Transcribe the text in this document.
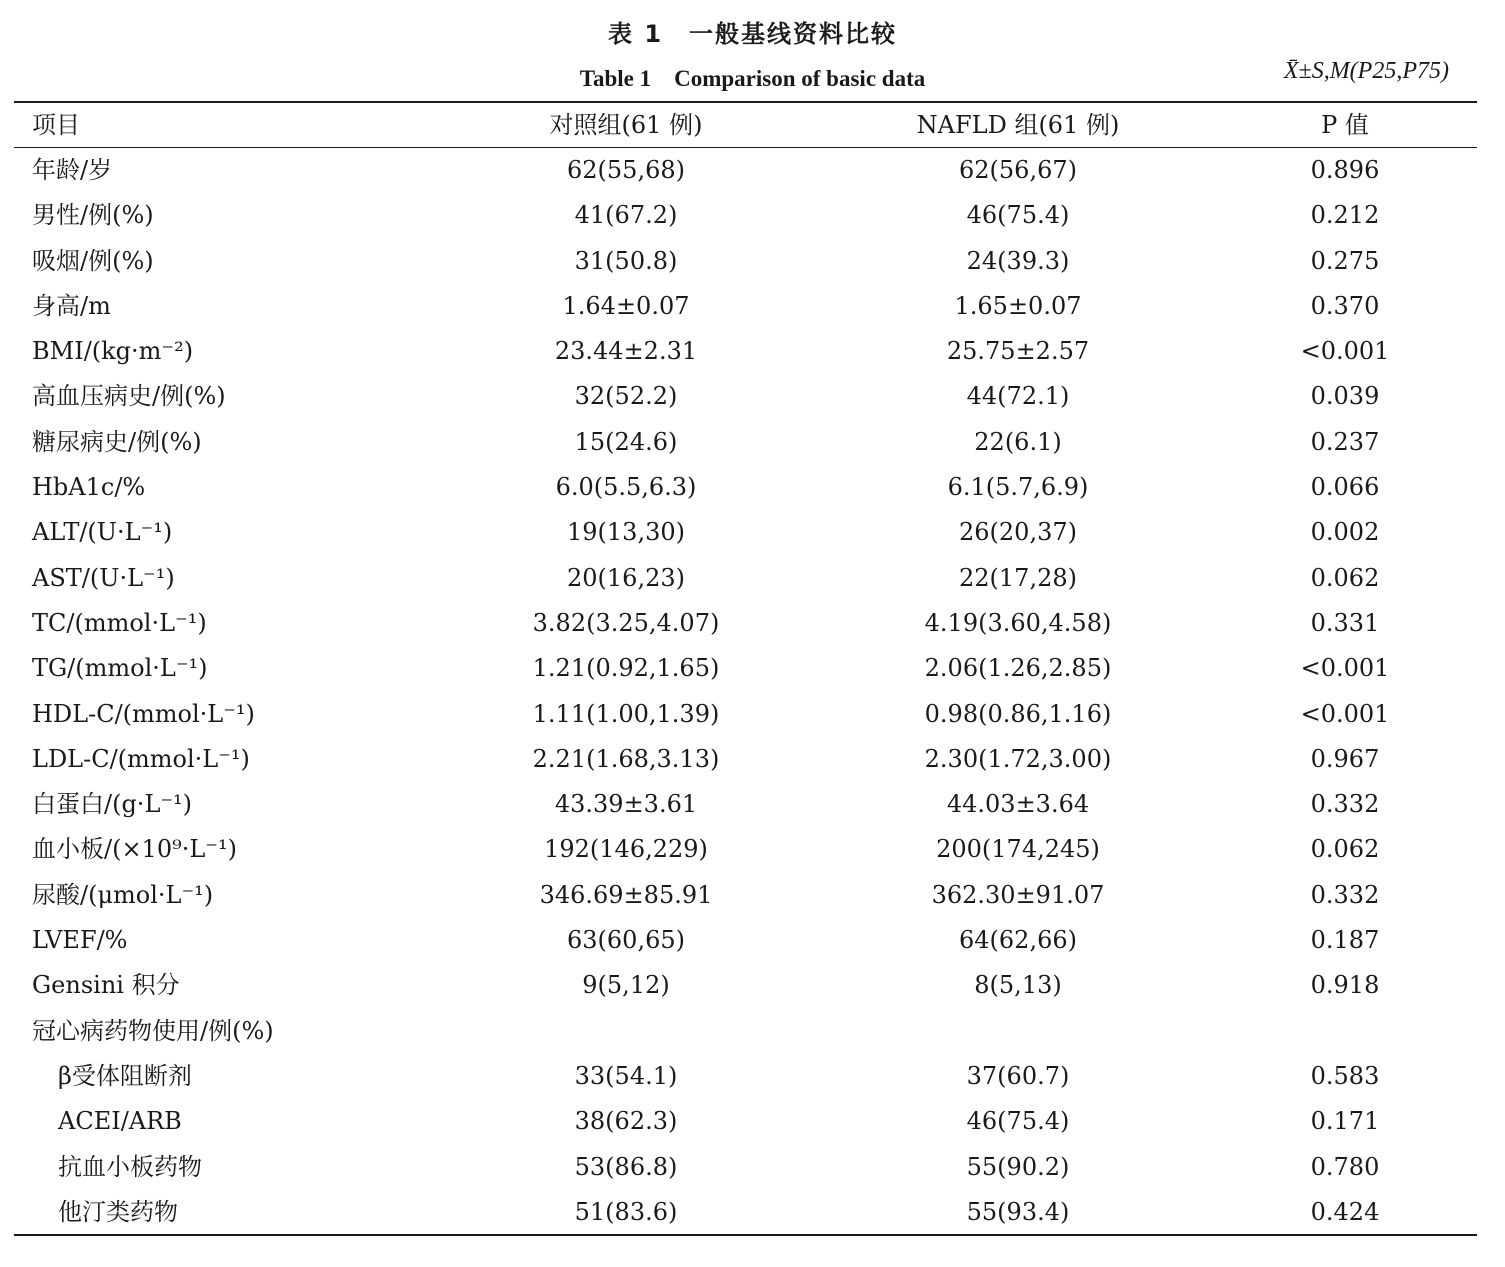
表 1　一般基线资料比较
Table 1　Comparison of basic data	X̄±S,M(P25,P75)
项目	对照组(61 例)	NAFLD 组(61 例)	P 值
年龄/岁	62(55,68)	62(56,67)	0.896
男性/例(%)	41(67.2)	46(75.4)	0.212
吸烟/例(%)	31(50.8)	24(39.3)	0.275
身高/m	1.64±0.07	1.65±0.07	0.370
BMI/(kg·m⁻²)	23.44±2.31	25.75±2.57	<0.001
高血压病史/例(%)	32(52.2)	44(72.1)	0.039
糖尿病史/例(%)	15(24.6)	22(6.1)	0.237
HbA1c/%	6.0(5.5,6.3)	6.1(5.7,6.9)	0.066
ALT/(U·L⁻¹)	19(13,30)	26(20,37)	0.002
AST/(U·L⁻¹)	20(16,23)	22(17,28)	0.062
TC/(mmol·L⁻¹)	3.82(3.25,4.07)	4.19(3.60,4.58)	0.331
TG/(mmol·L⁻¹)	1.21(0.92,1.65)	2.06(1.26,2.85)	<0.001
HDL-C/(mmol·L⁻¹)	1.11(1.00,1.39)	0.98(0.86,1.16)	<0.001
LDL-C/(mmol·L⁻¹)	2.21(1.68,3.13)	2.30(1.72,3.00)	0.967
白蛋白/(g·L⁻¹)	43.39±3.61	44.03±3.64	0.332
血小板/(×10⁹·L⁻¹)	192(146,229)	200(174,245)	0.062
尿酸/(μmol·L⁻¹)	346.69±85.91	362.30±91.07	0.332
LVEF/%	63(60,65)	64(62,66)	0.187
Gensini 积分	9(5,12)	8(5,13)	0.918
冠心病药物使用/例(%)
β受体阻断剂	33(54.1)	37(60.7)	0.583
ACEI/ARB	38(62.3)	46(75.4)	0.171
抗血小板药物	53(86.8)	55(90.2)	0.780
他汀类药物	51(83.6)	55(93.4)	0.424
